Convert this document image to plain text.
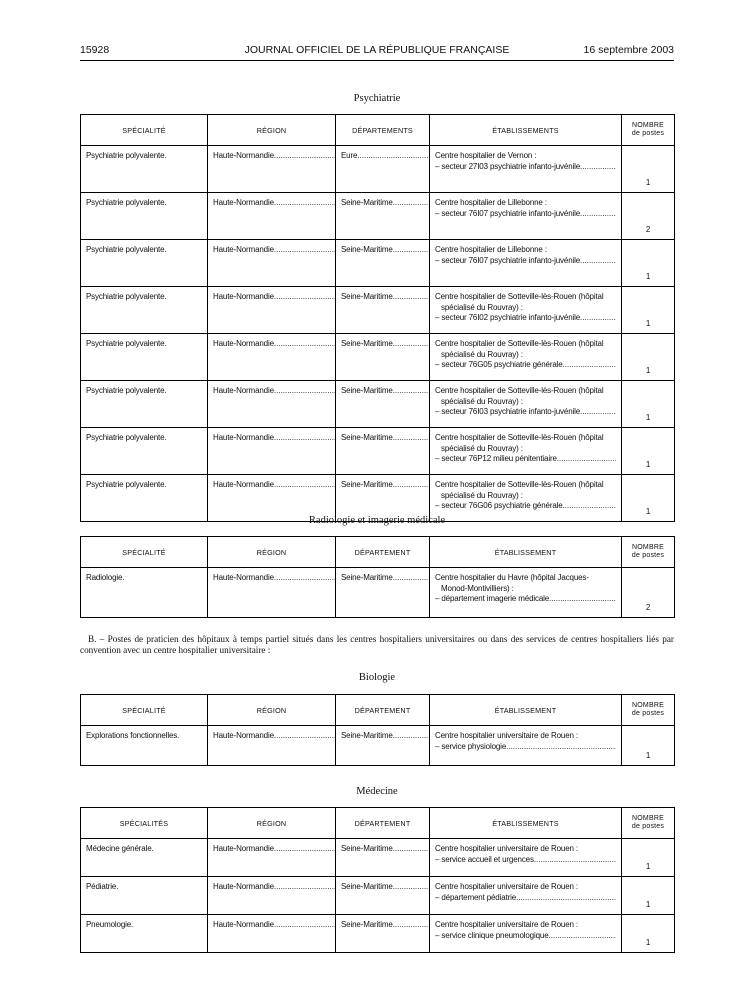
15928	JOURNAL OFFICIEL DE LA RÉPUBLIQUE FRANÇAISE	16 septembre 2003
Psychiatrie
SPÉCIALITÉ	RÉGION	DÉPARTEMENTS	ÉTABLISSEMENTS	NOMBRE
de postes
Psychiatrie polyvalente.	Haute-Normandie .....	Eure .....	Centre hospitalier de Vernon :
– secteur 27I03 psychiatrie infanto-juvénile .....	1
Psychiatrie polyvalente.	Haute-Normandie .....	Seine-Maritime .....	Centre hospitalier de Lillebonne :
– secteur 76I07 psychiatrie infanto-juvénile .....	2
Psychiatrie polyvalente.	Haute-Normandie .....	Seine-Maritime .....	Centre hospitalier de Lillebonne :
– secteur 76I07 psychiatrie infanto-juvénile .....	1
Psychiatrie polyvalente.	Haute-Normandie .....	Seine-Maritime .....	Centre hospitalier de Sotteville-lès-Rouen (hôpital
spécialisé du Rouvray) :
– secteur 76I02 psychiatrie infanto-juvénile .....	1
Psychiatrie polyvalente.	Haute-Normandie .....	Seine-Maritime .....	Centre hospitalier de Sotteville-lès-Rouen (hôpital
spécialisé du Rouvray) :
– secteur 76G05 psychiatrie générale .....	1
Psychiatrie polyvalente.	Haute-Normandie .....	Seine-Maritime .....	Centre hospitalier de Sotteville-lès-Rouen (hôpital
spécialisé du Rouvray) :
– secteur 76I03 psychiatrie infanto-juvénile .....	1
Psychiatrie polyvalente.	Haute-Normandie .....	Seine-Maritime .....	Centre hospitalier de Sotteville-lès-Rouen (hôpital
spécialisé du Rouvray) :
– secteur 76P12 milieu pénitentiaire .....	1
Psychiatrie polyvalente.	Haute-Normandie .....	Seine-Maritime .....	Centre hospitalier de Sotteville-lès-Rouen (hôpital
spécialisé du Rouvray) :
– secteur 76G06 psychiatrie générale .....	1
Radiologie et imagerie médicale
SPÉCIALITÉ	RÉGION	DÉPARTEMENT	ÉTABLISSEMENT	NOMBRE
de postes
Radiologie.	Haute-Normandie .....	Seine-Maritime .....	Centre hospitalier du Havre (hôpital Jacques-
Monod-Montivilliers) :
– département imagerie médicale .....	2
B. – Postes de praticien des hôpitaux à temps partiel situés dans les centres hospitaliers universitaires ou dans des services de centres hospitaliers liés par convention avec un centre hospitalier universitaire :
Biologie
SPÉCIALITÉ	RÉGION	DÉPARTEMENT	ÉTABLISSEMENT	NOMBRE
de postes
Explorations fonctionnelles.	Haute-Normandie .....	Seine-Maritime .....	Centre hospitalier universitaire de Rouen :
– service physiologie .....	1
Médecine
SPÉCIALITÉS	RÉGION	DÉPARTEMENT	ÉTABLISSEMENTS	NOMBRE
de postes
Médecine générale.	Haute-Normandie .....	Seine-Maritime .....	Centre hospitalier universitaire de Rouen :
– service accueil et urgences .....	1
Pédiatrie.	Haute-Normandie .....	Seine-Maritime .....	Centre hospitalier universitaire de Rouen :
– département pédiatrie .....	1
Pneumologie.	Haute-Normandie .....	Seine-Maritime .....	Centre hospitalier universitaire de Rouen :
– service clinique pneumologique .....	1
